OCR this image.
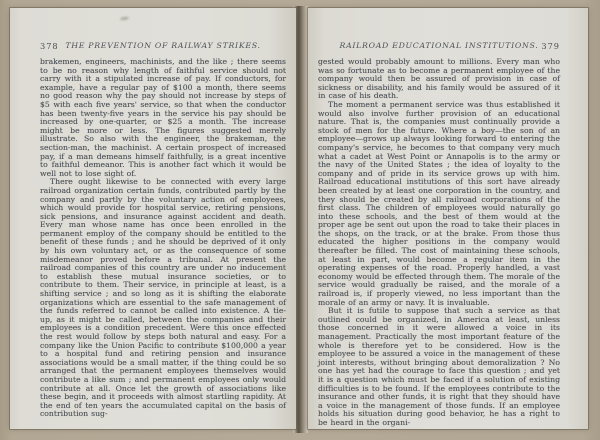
378 THE PREVENTION OF RAILWAY STRIKES.

brakemen, engineers, machinists, and the like ; there seems to be no reason why length of faithful service should not carry with it a stipulated increase of pay. If conductors, for example, have a regular pay of $100 a month, there seems no good reason why the pay should not increase by steps of $5 with each five years' service, so that when the conductor has been twenty-five years in the service his pay should be increased by one-quarter, or $25 a month. The increase might be more or less. The figures suggested merely illustrate. So also with the engineer, the brakeman, the section-man, the machinist. A certain prospect of increased pay, if a man demeans himself faithfully, is a great incentive to faithful demeanor. This is another fact which it would be well not to lose sight of.

There ought likewise to be connected with every large railroad organization certain funds, contributed partly by the company and partly by the voluntary action of employees, which would provide for hospital service, retiring pensions, sick pensions, and insurance against accident and death. Every man whose name has once been enrolled in the permanent employ of the company should be entitled to the benefit of these funds ; and he should be deprived of it only by his own voluntary act, or as the consequence of some misdemeanor proved before a tribunal. At present the railroad companies of this country are under no inducement to establish these mutual insurance societies, or to contribute to them. Their service, in principle at least, is a shifting service ; and so long as it is shifting the elaborate organizations which are essential to the safe management of the funds referred to cannot be called into existence. A tie-up, as it might be called, between the companies and their employees is a condition precedent. Were this once effected the rest would follow by steps both natural and easy. For a company like the Union Pacific to contribute $100,000 a year to a hospital fund and retiring pension and insurance associations would be a small matter, if the thing could be so arranged that the permanent employees themselves would contribute a like sum ; and permanent employees only would contribute at all. Once let the growth of associations like these begin, and it proceeds with almost startling rapidity. At the end of ten years the accumulated capital on the basis of contribution sug-

RAILROAD EDUCATIONAL INSTITUTIONS. 379

gested would probably amount to millions. Every man who was so fortunate as to become a permanent employee of the company would then be assured of provision in case of sickness or disability, and his family would be assured of it in case of his death.

The moment a permanent service was thus established it would also involve further provision of an educational nature. That is, the companies must continually provide a stock of men for the future. Where a boy—the son of an employee—grows up always looking forward to entering the company's service, he becomes to that company very much what a cadet at West Point or Annapolis is to the army or the navy of the United States ; the idea of loyalty to the company and of pride in its service grows up with him. Railroad educational institutions of this sort have already been created by at least one corporation in the country, and they should be created by all railroad corporations of the first class. The children of employees would naturally go into these schools, and the best of them would at the proper age be sent out upon the road to take their places in the shops, on the track, or at the brake. From those thus educated the higher positions in the company would thereafter be filled. The cost of maintaining these schools, at least in part, would become a regular item in the operating expenses of the road. Properly handled, a vast economy would be effected through them. The morale of the service would gradually be raised, and the morale of a railroad is, if properly viewed, no less important than the morale of an army or navy. It is invaluable.

But it is futile to suppose that such a service as that outlined could be organized, in America at least, unless those concerned in it were allowed a voice in its management. Practically the most important feature of the whole is therefore yet to be considered. How is the employee to be assured a voice in the management of these joint interests, without bringing about demoralization ? No one has yet had the courage to face this question ; and yet it is a question which must be faced if a solution of existing difficulties is to be found. If the employees contribute to the insurance and other funds, it is right that they should have a voice in the management of those funds. If an employee holds his situation during good behavior, he has a right to be heard in the organi-
